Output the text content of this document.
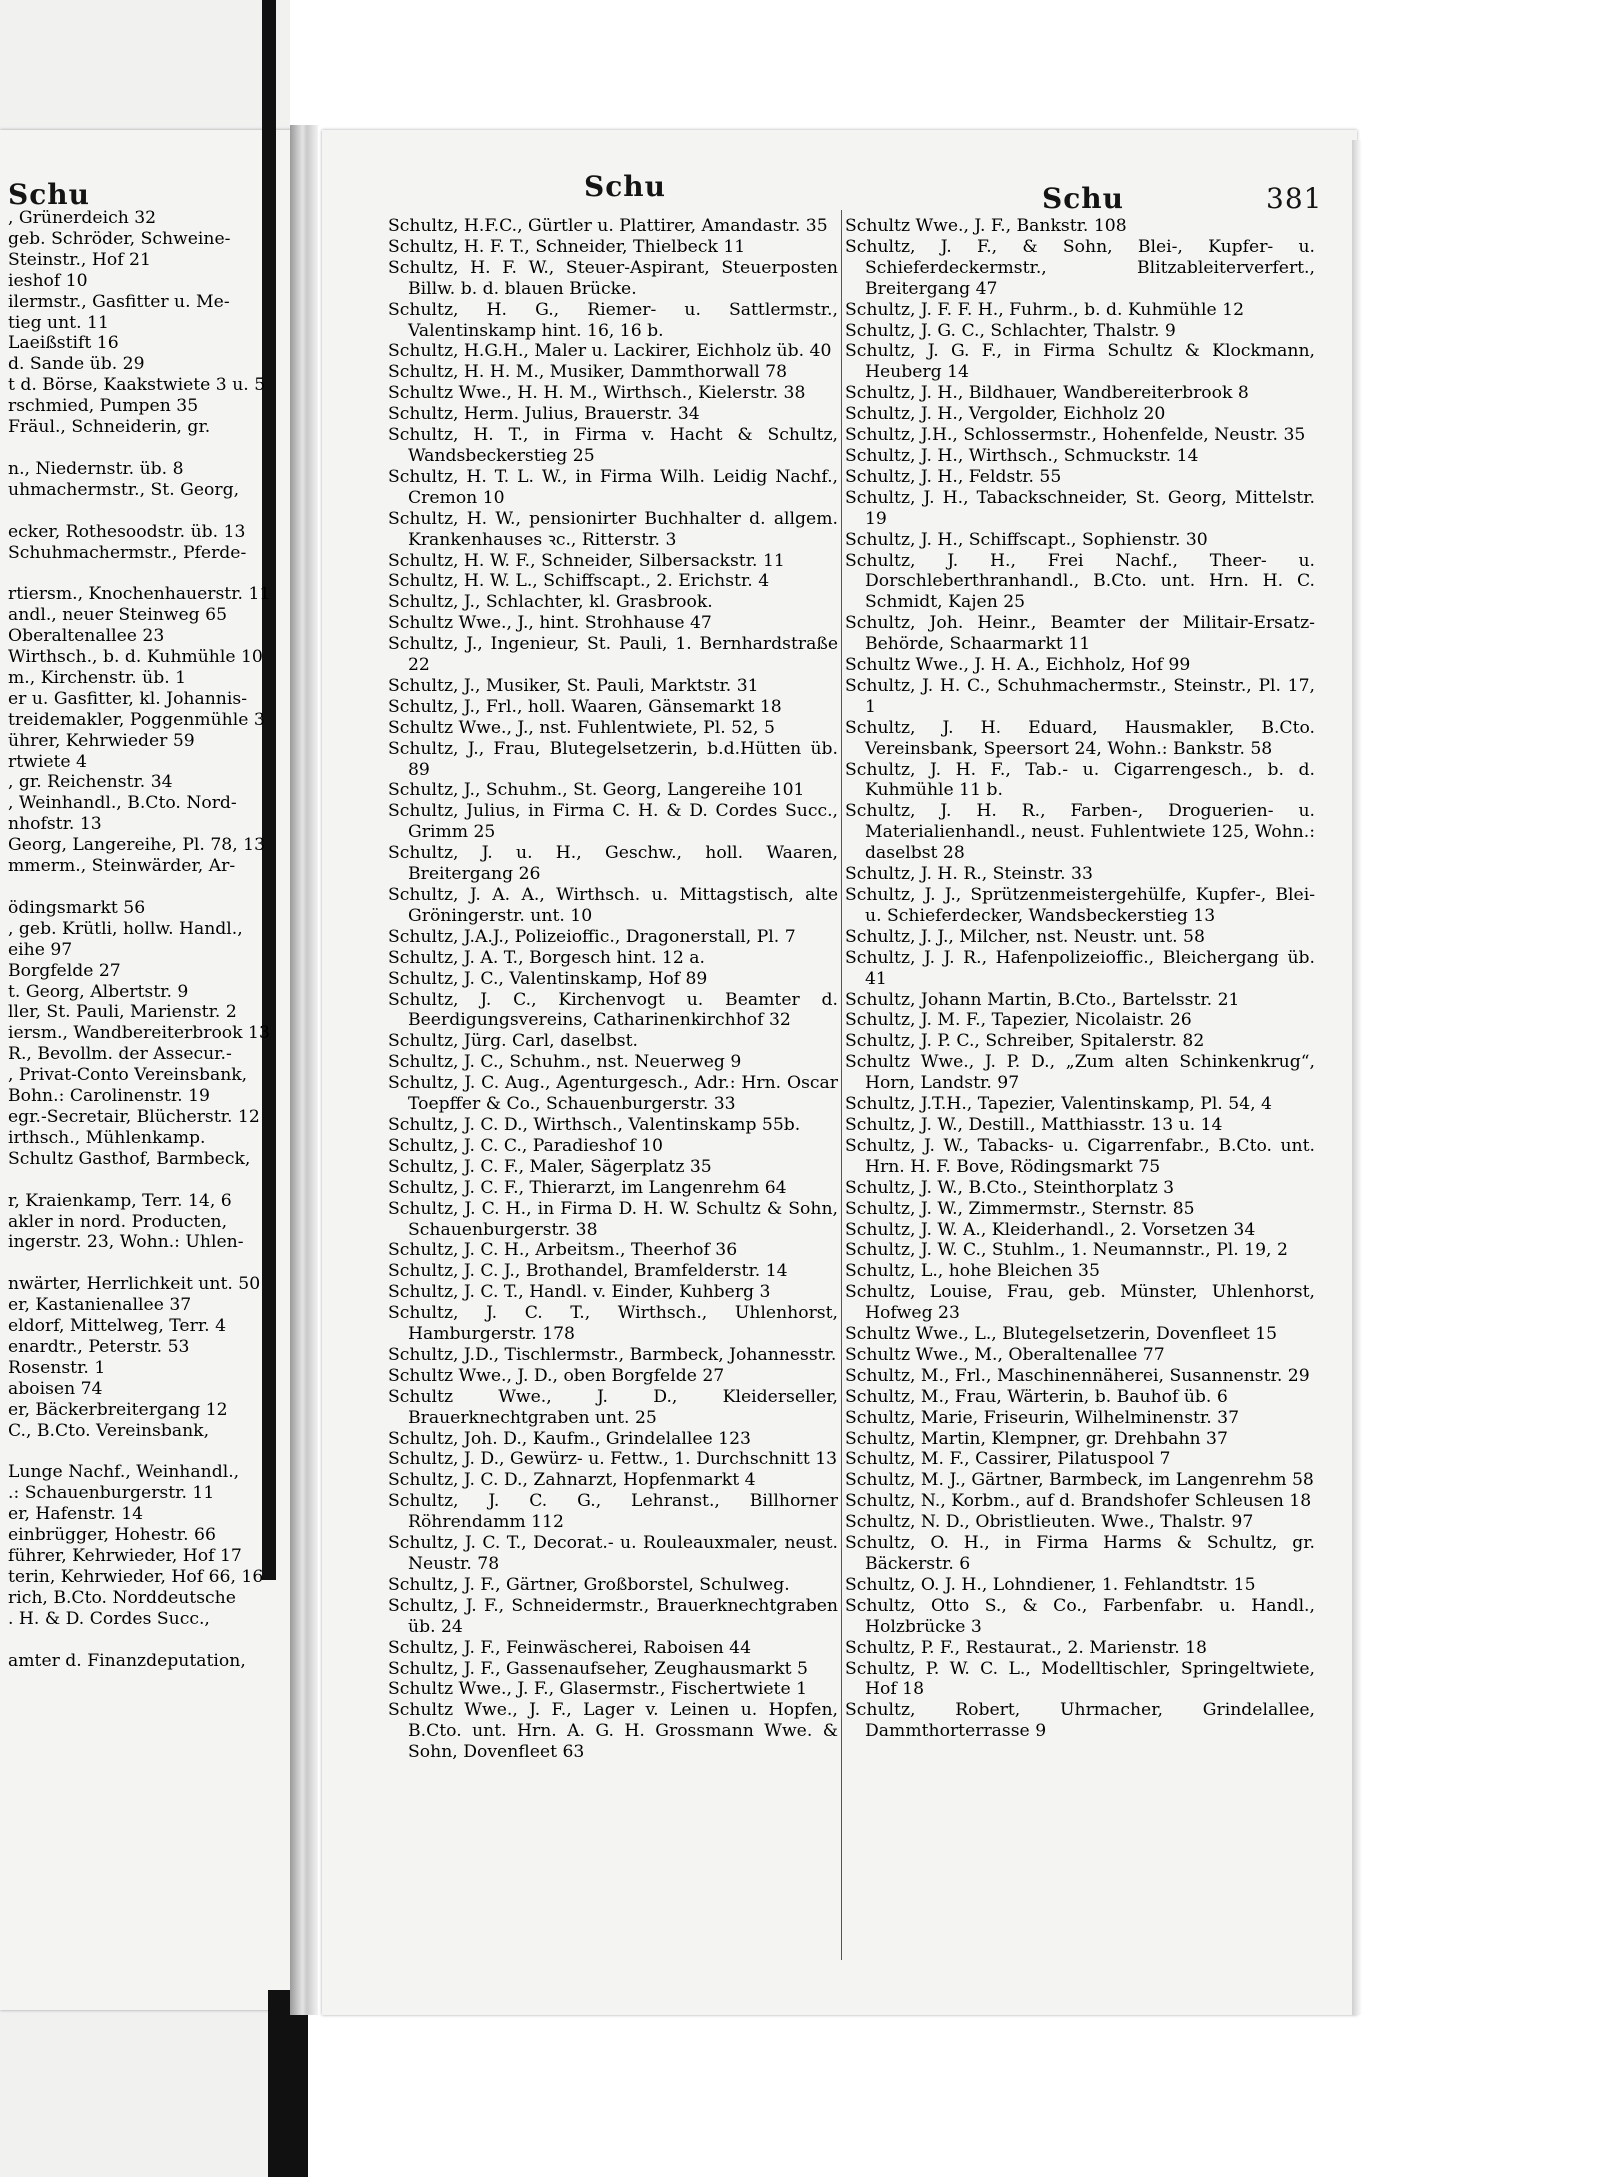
Schu	Schu	Schu	381

, Grünerdeich 32

geb. Schröder, Schweine-

Steinstr., Hof 21

ieshof 10

ilermstr., Gasfitter u. Me-

tieg unt. 11

Laeißstift 16

d. Sande üb. 29

t d. Börse, Kaakstwiete 3 u. 5

rschmied, Pumpen 35

Fräul., Schneiderin, gr.

n., Niedernstr. üb. 8

uhmachermstr., St. Georg,

ecker, Rothesoodstr. üb. 13

Schuhmachermstr., Pferde-

rtiersm., Knochenhauerstr. 11

andl., neuer Steinweg 65

Oberaltenallee 23

Wirthsch., b. d. Kuhmühle 10

m., Kirchenstr. üb. 1

er u. Gasfitter, kl. Johannis-

treidemakler, Poggenmühle 3

ührer, Kehrwieder 59

rtwiete 4

, gr. Reichenstr. 34

, Weinhandl., B.Cto. Nord-

nhofstr. 13

Georg, Langereihe, Pl. 78, 13

mmerm., Steinwärder, Ar-

ödingsmarkt 56

, geb. Krütli, hollw. Handl.,

eihe 97

Borgfelde 27

t. Georg, Albertstr. 9

ller, St. Pauli, Marienstr. 2

iersm., Wandbereiterbrook 13

R., Bevollm. der Assecur.-

, Privat-Conto Vereinsbank,

Bohn.: Carolinenstr. 19

egr.-Secretair, Blücherstr. 12

irthsch., Mühlenkamp.

Schultz Gasthof, Barmbeck,

r, Kraienkamp, Terr. 14, 6

akler in nord. Producten,

ingerstr. 23, Wohn.: Uhlen-

nwärter, Herrlichkeit unt. 50

er, Kastanienallee 37

eldorf, Mittelweg, Terr. 4

enardtr., Peterstr. 53

Rosenstr. 1

aboisen 74

er, Bäckerbreitergang 12

C., B.Cto. Vereinsbank,

Lunge Nachf., Weinhandl.,

.: Schauenburgerstr. 11

er, Hafenstr. 14

einbrügger, Hohestr. 66

führer, Kehrwieder, Hof 17

terin, Kehrwieder, Hof 66, 16

rich, B.Cto. Norddeutsche

. H. & D. Cordes Succ.,

amter d. Finanzdeputation,

Schultz, H.F.C., Gürtler u. Plattirer, Amandastr. 35

Schultz, H. F. T., Schneider, Thielbeck 11

Schultz, H. F. W., Steuer-Aspirant, Steuerposten Billw. b. d. blauen Brücke.

Schultz, H. G., Riemer- u. Sattlermstr., Valentinskamp hint. 16, 16 b.

Schultz, H.G.H., Maler u. Lackirer, Eichholz üb. 40

Schultz, H. H. M., Musiker, Dammthorwall 78

Schultz Wwe., H. H. M., Wirthsch., Kielerstr. 38

Schultz, Herm. Julius, Brauerstr. 34

Schultz, H. T., in Firma v. Hacht & Schultz, Wandsbeckerstieg 25

Schultz, H. T. L. W., in Firma Wilh. Leidig Nachf., Cremon 10

Schultz, H. W., pensionirter Buchhalter d. allgem. Krankenhauses ꝛc., Ritterstr. 3

Schultz, H. W. F., Schneider, Silbersackstr. 11

Schultz, H. W. L., Schiffscapt., 2. Erichstr. 4

Schultz, J., Schlachter, kl. Grasbrook.

Schultz Wwe., J., hint. Strohhause 47

Schultz, J., Ingenieur, St. Pauli, 1. Bernhardstraße 22

Schultz, J., Musiker, St. Pauli, Marktstr. 31

Schultz, J., Frl., holl. Waaren, Gänsemarkt 18

Schultz Wwe., J., nst. Fuhlentwiete, Pl. 52, 5

Schultz, J., Frau, Blutegelsetzerin, b.d.Hütten üb. 89

Schultz, J., Schuhm., St. Georg, Langereihe 101

Schultz, Julius, in Firma C. H. & D. Cordes Succ., Grimm 25

Schultz, J. u. H., Geschw., holl. Waaren, Breitergang 26

Schultz, J. A. A., Wirthsch. u. Mittagstisch, alte Gröningerstr. unt. 10

Schultz, J.A.J., Polizeioffic., Dragonerstall, Pl. 7

Schultz, J. A. T., Borgesch hint. 12 a.

Schultz, J. C., Valentinskamp, Hof 89

Schultz, J. C., Kirchenvogt u. Beamter d. Beerdigungsvereins, Catharinenkirchhof 32

Schultz, Jürg. Carl, daselbst.

Schultz, J. C., Schuhm., nst. Neuerweg 9

Schultz, J. C. Aug., Agenturgesch., Adr.: Hrn. Oscar Toepffer & Co., Schauenburgerstr. 33

Schultz, J. C. D., Wirthsch., Valentinskamp 55b.

Schultz, J. C. C., Paradieshof 10

Schultz, J. C. F., Maler, Sägerplatz 35

Schultz, J. C. F., Thierarzt, im Langenrehm 64

Schultz, J. C. H., in Firma D. H. W. Schultz & Sohn, Schauenburgerstr. 38

Schultz, J. C. H., Arbeitsm., Theerhof 36

Schultz, J. C. J., Brothandel, Bramfelderstr. 14

Schultz, J. C. T., Handl. v. Einder, Kuhberg 3

Schultz, J. C. T., Wirthsch., Uhlenhorst, Hamburgerstr. 178

Schultz, J.D., Tischlermstr., Barmbeck, Johannesstr.

Schultz Wwe., J. D., oben Borgfelde 27

Schultz Wwe., J. D., Kleiderseller, Brauerknechtgraben unt. 25

Schultz, Joh. D., Kaufm., Grindelallee 123

Schultz, J. D., Gewürz- u. Fettw., 1. Durchschnitt 13

Schultz, J. C. D., Zahnarzt, Hopfenmarkt 4

Schultz, J. C. G., Lehranst., Billhorner Röhrendamm 112

Schultz, J. C. T., Decorat.- u. Rouleauxmaler, neust. Neustr. 78

Schultz, J. F., Gärtner, Großborstel, Schulweg.

Schultz, J. F., Schneidermstr., Brauerknechtgraben üb. 24

Schultz, J. F., Feinwäscherei, Raboisen 44

Schultz, J. F., Gassenaufseher, Zeughausmarkt 5

Schultz Wwe., J. F., Glasermstr., Fischertwiete 1

Schultz Wwe., J. F., Lager v. Leinen u. Hopfen, B.Cto. unt. Hrn. A. G. H. Grossmann Wwe. & Sohn, Dovenfleet 63

Schultz Wwe., J. F., Bankstr. 108

Schultz, J. F., & Sohn, Blei-, Kupfer- u. Schieferdeckermstr., Blitzableiterverfert., Breitergang 47

Schultz, J. F. F. H., Fuhrm., b. d. Kuhmühle 12

Schultz, J. G. C., Schlachter, Thalstr. 9

Schultz, J. G. F., in Firma Schultz & Klockmann, Heuberg 14

Schultz, J. H., Bildhauer, Wandbereiterbrook 8

Schultz, J. H., Vergolder, Eichholz 20

Schultz, J.H., Schlossermstr., Hohenfelde, Neustr. 35

Schultz, J. H., Wirthsch., Schmuckstr. 14

Schultz, J. H., Feldstr. 55

Schultz, J. H., Tabackschneider, St. Georg, Mittelstr. 19

Schultz, J. H., Schiffscapt., Sophienstr. 30

Schultz, J. H., Frei Nachf., Theer- u. Dorschleberthranhandl., B.Cto. unt. Hrn. H. C. Schmidt, Kajen 25

Schultz, Joh. Heinr., Beamter der Militair-Ersatz-Behörde, Schaarmarkt 11

Schultz Wwe., J. H. A., Eichholz, Hof 99

Schultz, J. H. C., Schuhmachermstr., Steinstr., Pl. 17, 1

Schultz, J. H. Eduard, Hausmakler, B.Cto. Vereinsbank, Speersort 24, Wohn.: Bankstr. 58

Schultz, J. H. F., Tab.- u. Cigarrengesch., b. d. Kuhmühle 11 b.

Schultz, J. H. R., Farben-, Droguerien- u. Materialienhandl., neust. Fuhlentwiete 125, Wohn.: daselbst 28

Schultz, J. H. R., Steinstr. 33

Schultz, J. J., Sprützenmeistergehülfe, Kupfer-, Blei- u. Schieferdecker, Wandsbeckerstieg 13

Schultz, J. J., Milcher, nst. Neustr. unt. 58

Schultz, J. J. R., Hafenpolizeioffic., Bleichergang üb. 41

Schultz, Johann Martin, B.Cto., Bartelsstr. 21

Schultz, J. M. F., Tapezier, Nicolaistr. 26

Schultz, J. P. C., Schreiber, Spitalerstr. 82

Schultz Wwe., J. P. D., „Zum alten Schinkenkrug“, Horn, Landstr. 97

Schultz, J.T.H., Tapezier, Valentinskamp, Pl. 54, 4

Schultz, J. W., Destill., Matthiasstr. 13 u. 14

Schultz, J. W., Tabacks- u. Cigarrenfabr., B.Cto. unt. Hrn. H. F. Bove, Rödingsmarkt 75

Schultz, J. W., B.Cto., Steinthorplatz 3

Schultz, J. W., Zimmermstr., Sternstr. 85

Schultz, J. W. A., Kleiderhandl., 2. Vorsetzen 34

Schultz, J. W. C., Stuhlm., 1. Neumannstr., Pl. 19, 2

Schultz, L., hohe Bleichen 35

Schultz, Louise, Frau, geb. Münster, Uhlenhorst, Hofweg 23

Schultz Wwe., L., Blutegelsetzerin, Dovenfleet 15

Schultz Wwe., M., Oberaltenallee 77

Schultz, M., Frl., Maschinennäherei, Susannenstr. 29

Schultz, M., Frau, Wärterin, b. Bauhof üb. 6

Schultz, Marie, Friseurin, Wilhelminenstr. 37

Schultz, Martin, Klempner, gr. Drehbahn 37

Schultz, M. F., Cassirer, Pilatuspool 7

Schultz, M. J., Gärtner, Barmbeck, im Langenrehm 58

Schultz, N., Korbm., auf d. Brandshofer Schleusen 18

Schultz, N. D., Obristlieuten. Wwe., Thalstr. 97

Schultz, O. H., in Firma Harms & Schultz, gr. Bäckerstr. 6

Schultz, O. J. H., Lohndiener, 1. Fehlandtstr. 15

Schultz, Otto S., & Co., Farbenfabr. u. Handl., Holzbrücke 3

Schultz, P. F., Restaurat., 2. Marienstr. 18

Schultz, P. W. C. L., Modelltischler, Springeltwiete, Hof 18

Schultz, Robert, Uhrmacher, Grindelallee, Dammthorterrasse 9
